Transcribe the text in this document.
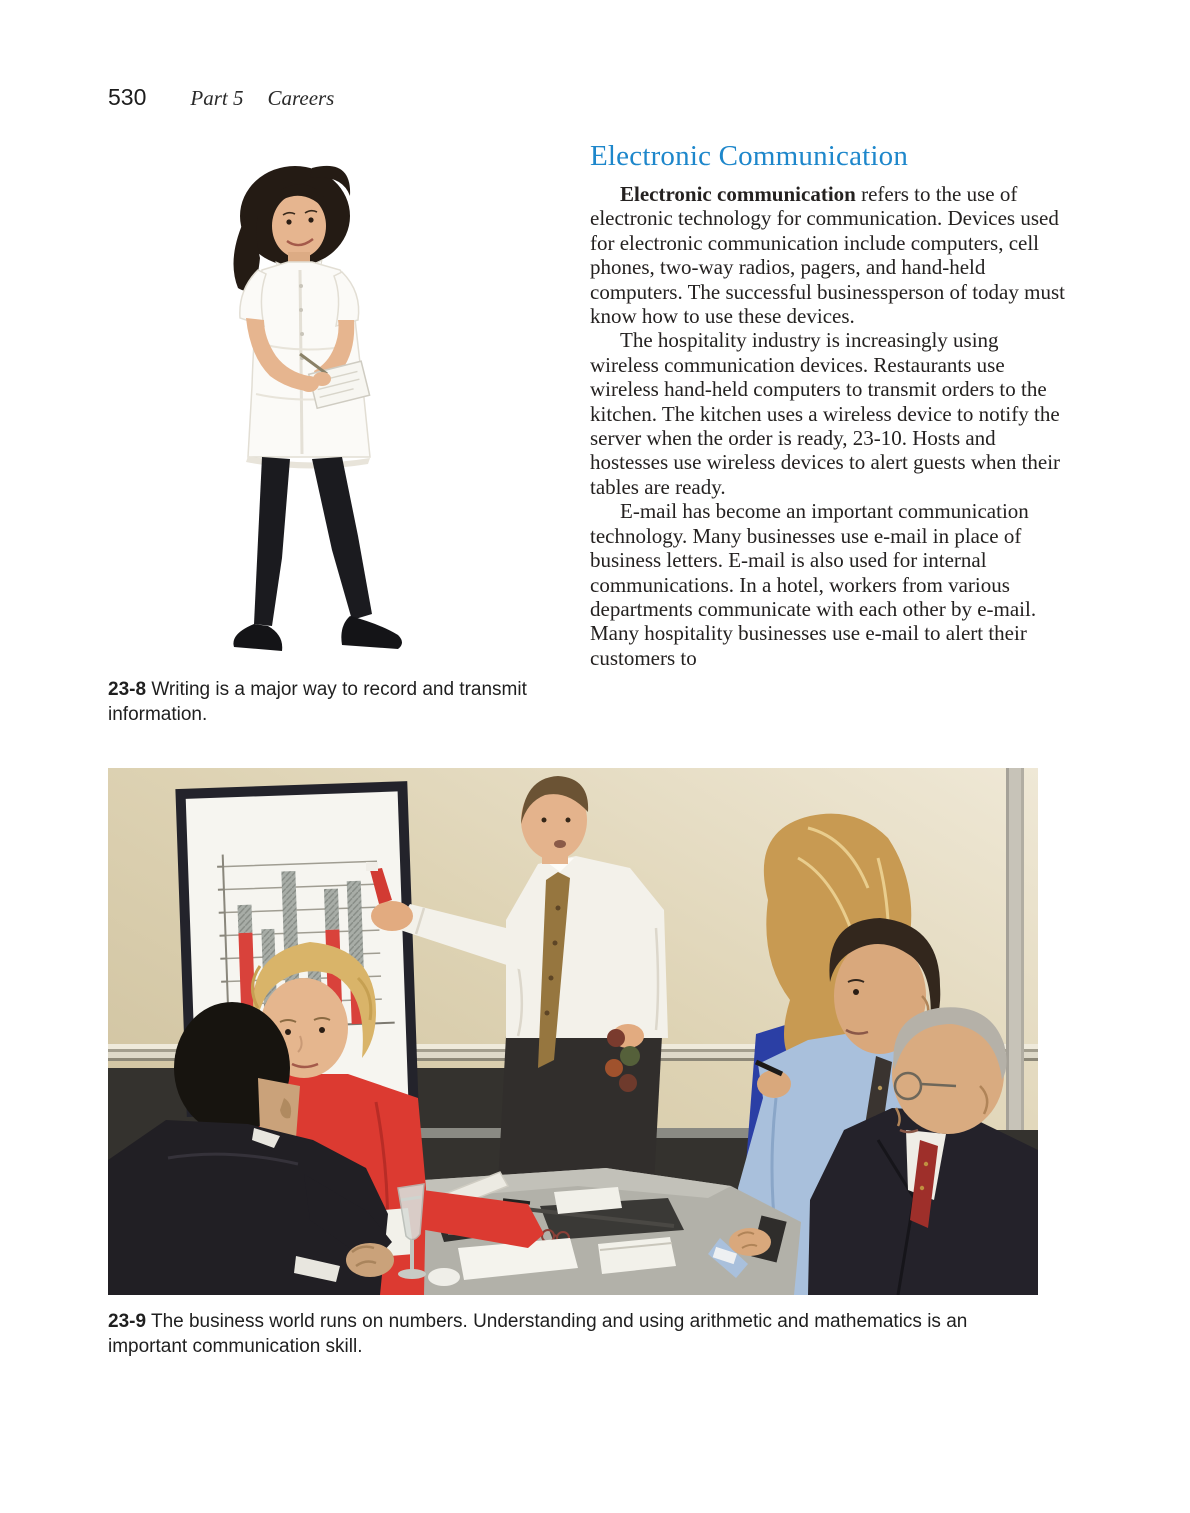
530 Part 5 Careers

23-8 Writing is a major way to record and transmit information.

Electronic Communication

Electronic communication refers to the use of electronic technology for communication. Devices used for electronic communication include computers, cell phones, two-way radios, pagers, and hand-held computers. The successful businessperson of today must know how to use these devices.

The hospitality industry is increasingly using wireless communication devices. Restaurants use wireless hand-held computers to transmit orders to the kitchen. The kitchen uses a wireless device to notify the server when the order is ready, 23-10. Hosts and hostesses use wireless devices to alert guests when their tables are ready.

E-mail has become an important communication technology. Many businesses use e-mail in place of business letters. E-mail is also used for internal communications. In a hotel, workers from various departments communicate with each other by e-mail. Many hospitality businesses use e-mail to alert their customers to

23-9 The business world runs on numbers. Understanding and using arithmetic and mathematics is an important communication skill.
